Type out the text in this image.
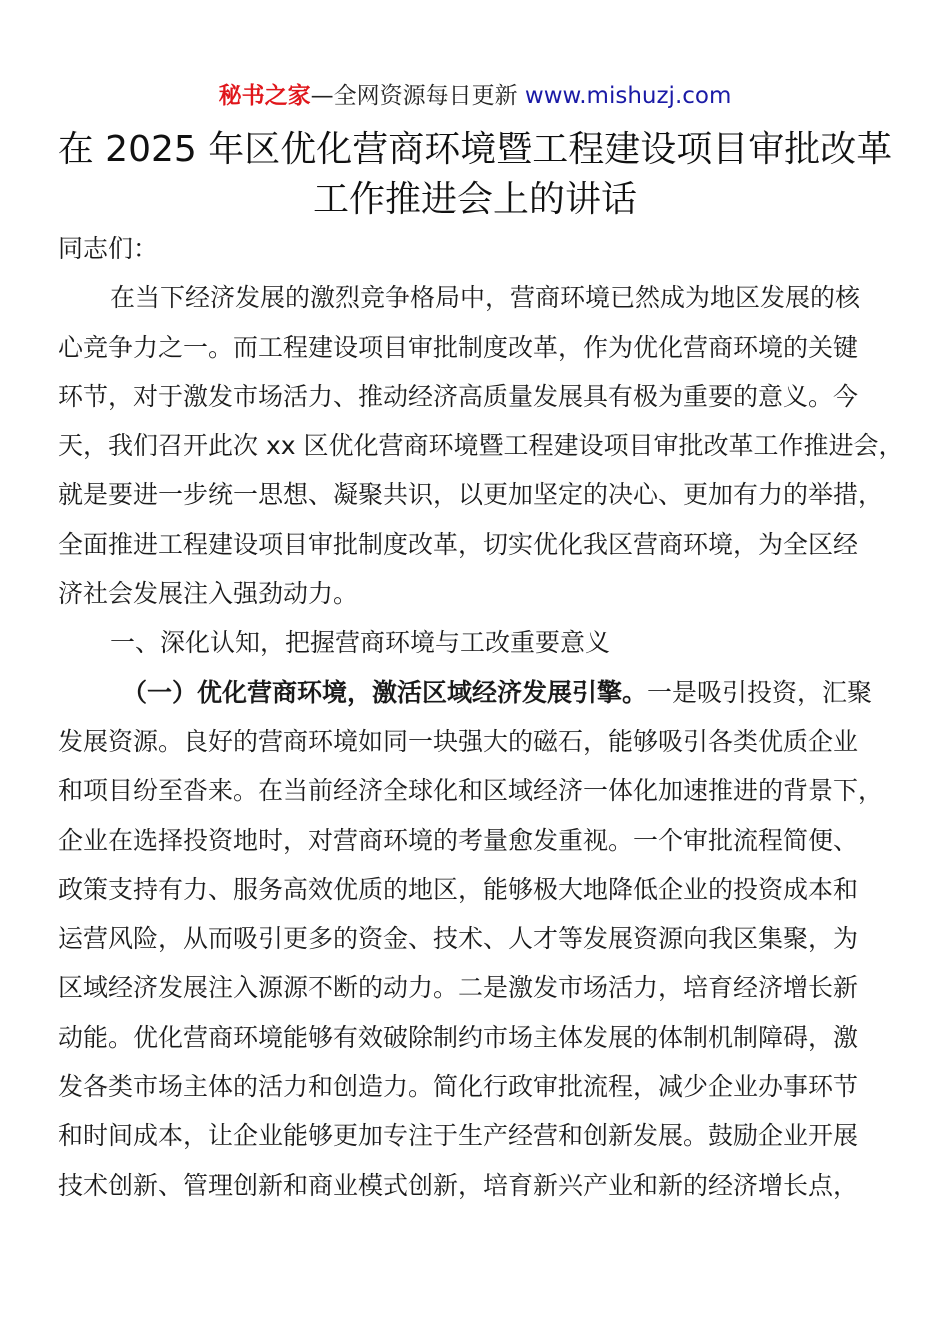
秘书之家—全网资源每日更新 www.mishuzj.com
在 2025 年区优化营商环境暨工程建设项目审批改革
工作推进会上的讲话
同志们：
在当下经济发展的激烈竞争格局中，营商环境已然成为地区发展的核
心竞争力之一。而工程建设项目审批制度改革，作为优化营商环境的关键
环节，对于激发市场活力、推动经济高质量发展具有极为重要的意义。今
天，我们召开此次 xx 区优化营商环境暨工程建设项目审批改革工作推进会，
就是要进一步统一思想、凝聚共识，以更加坚定的决心、更加有力的举措，
全面推进工程建设项目审批制度改革，切实优化我区营商环境，为全区经
济社会发展注入强劲动力。
一、深化认知，把握营商环境与工改重要意义
（一）优化营商环境，激活区域经济发展引擎。一是吸引投资，汇聚
发展资源。良好的营商环境如同一块强大的磁石，能够吸引各类优质企业
和项目纷至沓来。在当前经济全球化和区域经济一体化加速推进的背景下，
企业在选择投资地时，对营商环境的考量愈发重视。一个审批流程简便、
政策支持有力、服务高效优质的地区，能够极大地降低企业的投资成本和
运营风险，从而吸引更多的资金、技术、人才等发展资源向我区集聚，为
区域经济发展注入源源不断的动力。二是激发市场活力，培育经济增长新
动能。优化营商环境能够有效破除制约市场主体发展的体制机制障碍，激
发各类市场主体的活力和创造力。简化行政审批流程，减少企业办事环节
和时间成本，让企业能够更加专注于生产经营和创新发展。鼓励企业开展
技术创新、管理创新和商业模式创新，培育新兴产业和新的经济增长点，
